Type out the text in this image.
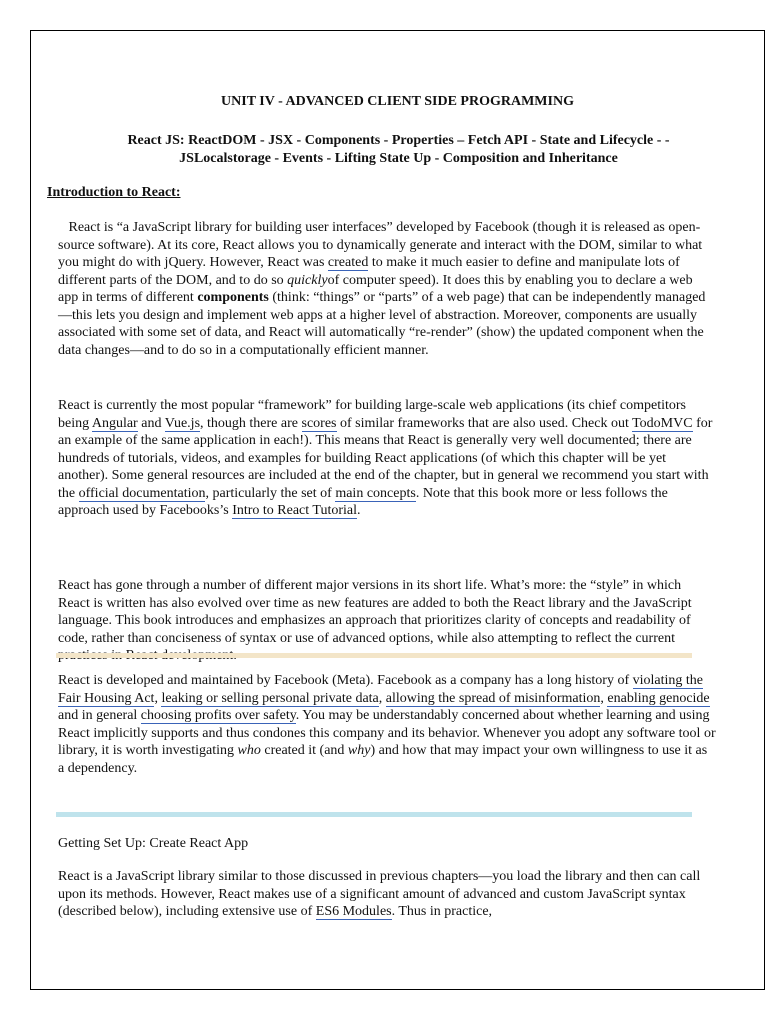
UNIT IV - ADVANCED CLIENT SIDE PROGRAMMING
React JS: ReactDOM - JSX - Components - Properties – Fetch API - State and Lifecycle - -
JSLocalstorage - Events - Lifting State Up - Composition and Inheritance
Introduction to React:

React is “a JavaScript library for building user interfaces” developed by Facebook (though it is released as open-source software). At its core, React allows you to dynamically generate and interact with the DOM, similar to what you might do with jQuery. However, React was created to make it much easier to define and manipulate lots of different parts of the DOM, and to do so quicklyof computer speed). It does this by enabling you to declare a web app in terms of different components (think: “things” or “parts” of a web page) that can be independently managed—this lets you design and implement web apps at a higher level of abstraction. Moreover, components are usually associated with some set of data, and React will automatically “re-render” (show) the updated component when the data changes—and to do so in a computationally efficient manner.

React is currently the most popular “framework” for building large-scale web applications (its chief competitors being Angular and Vue.js, though there are scores of similar frameworks that are also used. Check out TodoMVC for an example of the same application in each!). This means that React is generally very well documented; there are hundreds of tutorials, videos, and examples for building React applications (of which this chapter will be yet another). Some general resources are included at the end of the chapter, but in general we recommend you start with the official documentation, particularly the set of main concepts. Note that this book more or less follows the approach used by Facebooks’s Intro to React Tutorial.

React has gone through a number of different major versions in its short life. What’s more: the “style” in which React is written has also evolved over time as new features are added to both the React library and the JavaScript language. This book introduces and emphasizes an approach that prioritizes clarity of concepts and readability of code, rather than conciseness of syntax or use of advanced options, while also attempting to reflect the current

React is developed and maintained by Facebook (Meta). Facebook as a company has a long history of violating the Fair Housing Act, leaking or selling personal private data, allowing the spread of misinformation, enabling genocide and in general choosing profits over safety. You may be understandably concerned about whether learning and using React implicitly supports and thus condones this company and its behavior. Whenever you adopt any software tool or library, it is worth investigating who created it (and why) and how that may impact your own willingness to use it as a dependency.

Getting Set Up: Create React App

React is a JavaScript library similar to those discussed in previous chapters—you load the library and then can call upon its methods. However, React makes use of a significant amount of advanced and custom JavaScript syntax (described below), including extensive use of ES6 Modules. Thus in practice,
